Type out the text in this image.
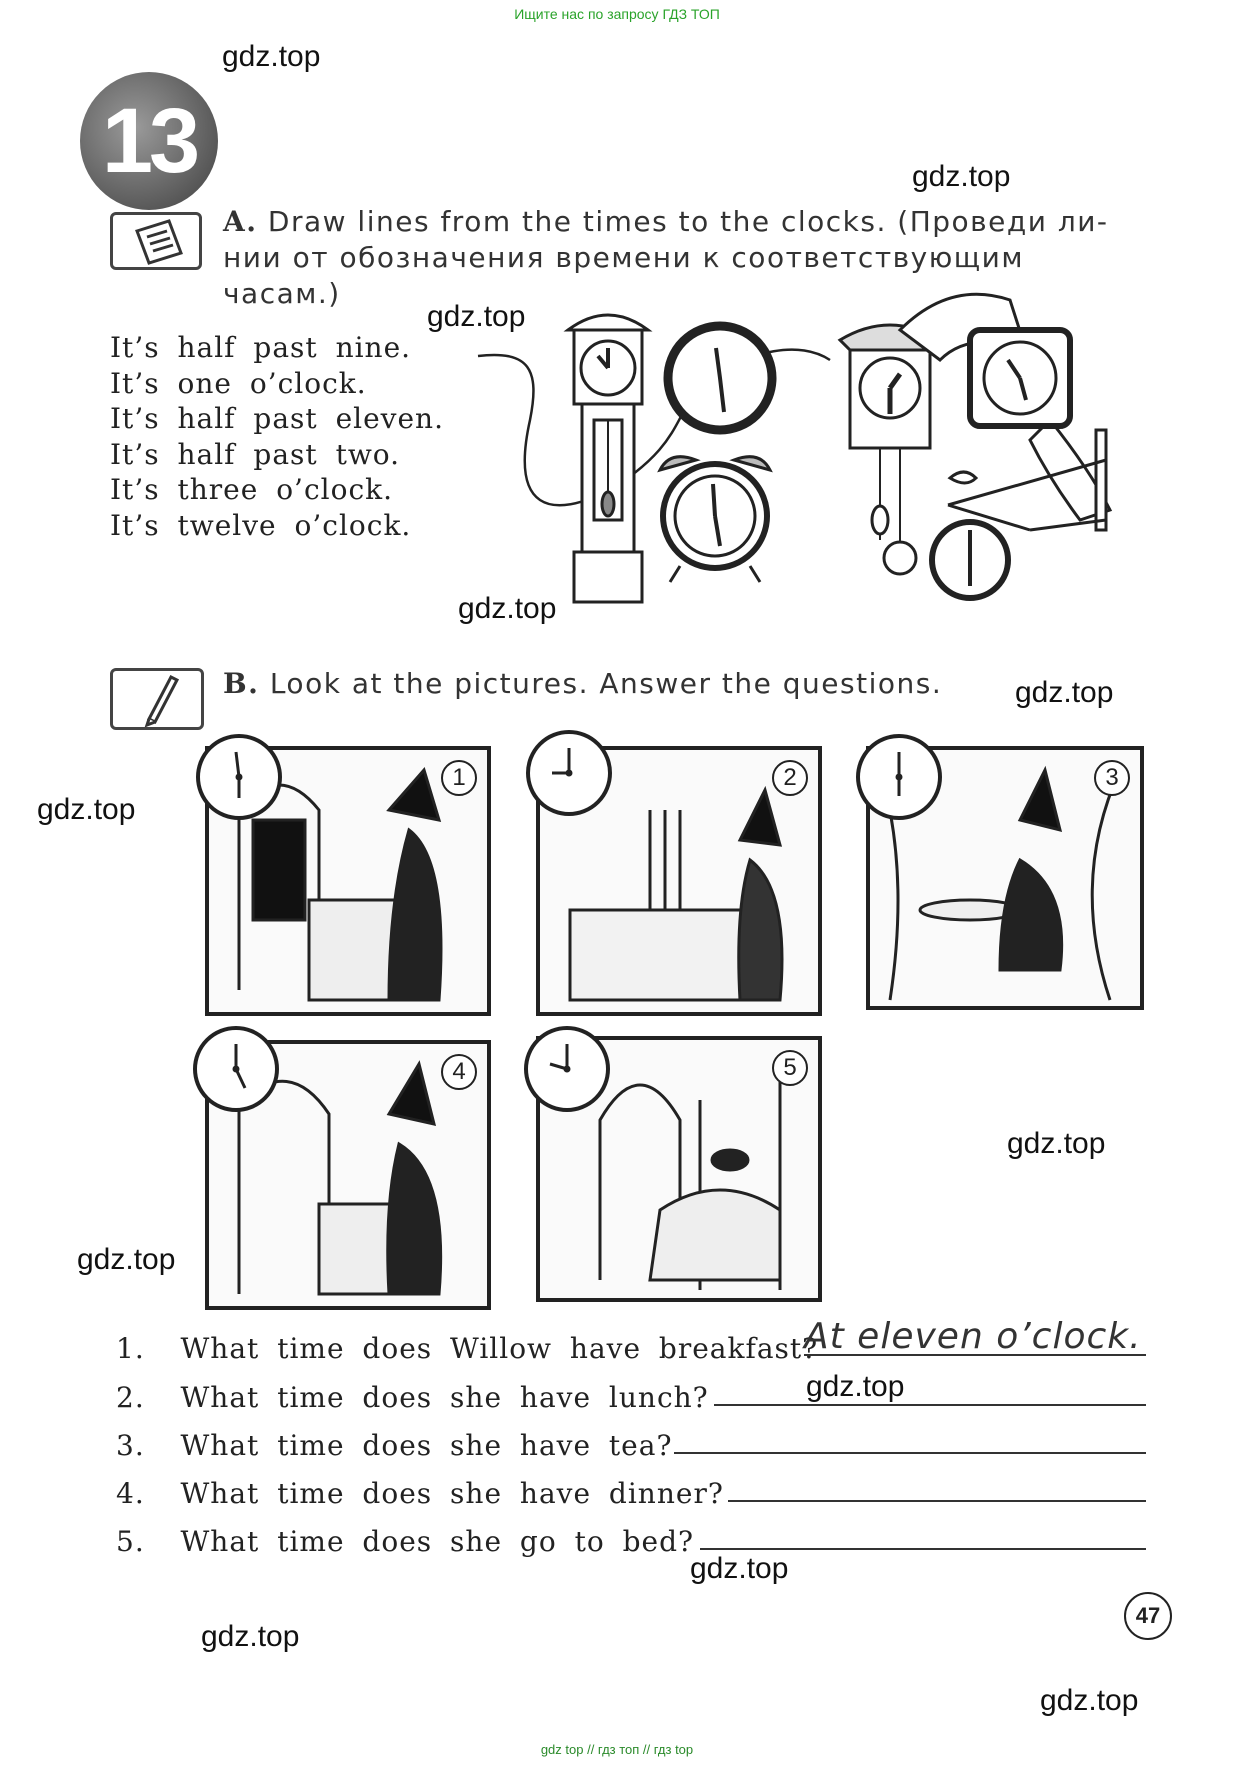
Ищите нас по запросу ГДЗ ТОП
gdz.top
gdz.top
gdz.top
gdz.top
gdz.top
gdz.top
gdz.top
gdz.top
gdz.top
gdz.top
gdz.top
gdz.top
13
A. Draw lines from the times to the clocks. (Проведи ли-
нии от обозначения времени к соответствующим часам.)
It’s half past nine.
It’s one o’clock.
It’s half past eleven.
It’s half past two.
It’s three o’clock.
It’s twelve o’clock.
B. Look at the pictures. Answer the questions.
1	2	3
4	5
1. What time does Willow have breakfast?
At eleven o’clock.
2. What time does she have lunch?
3. What time does she have tea?
4. What time does she have dinner?
5. What time does she go to bed?
47
gdz top // гдз топ // гдз top
